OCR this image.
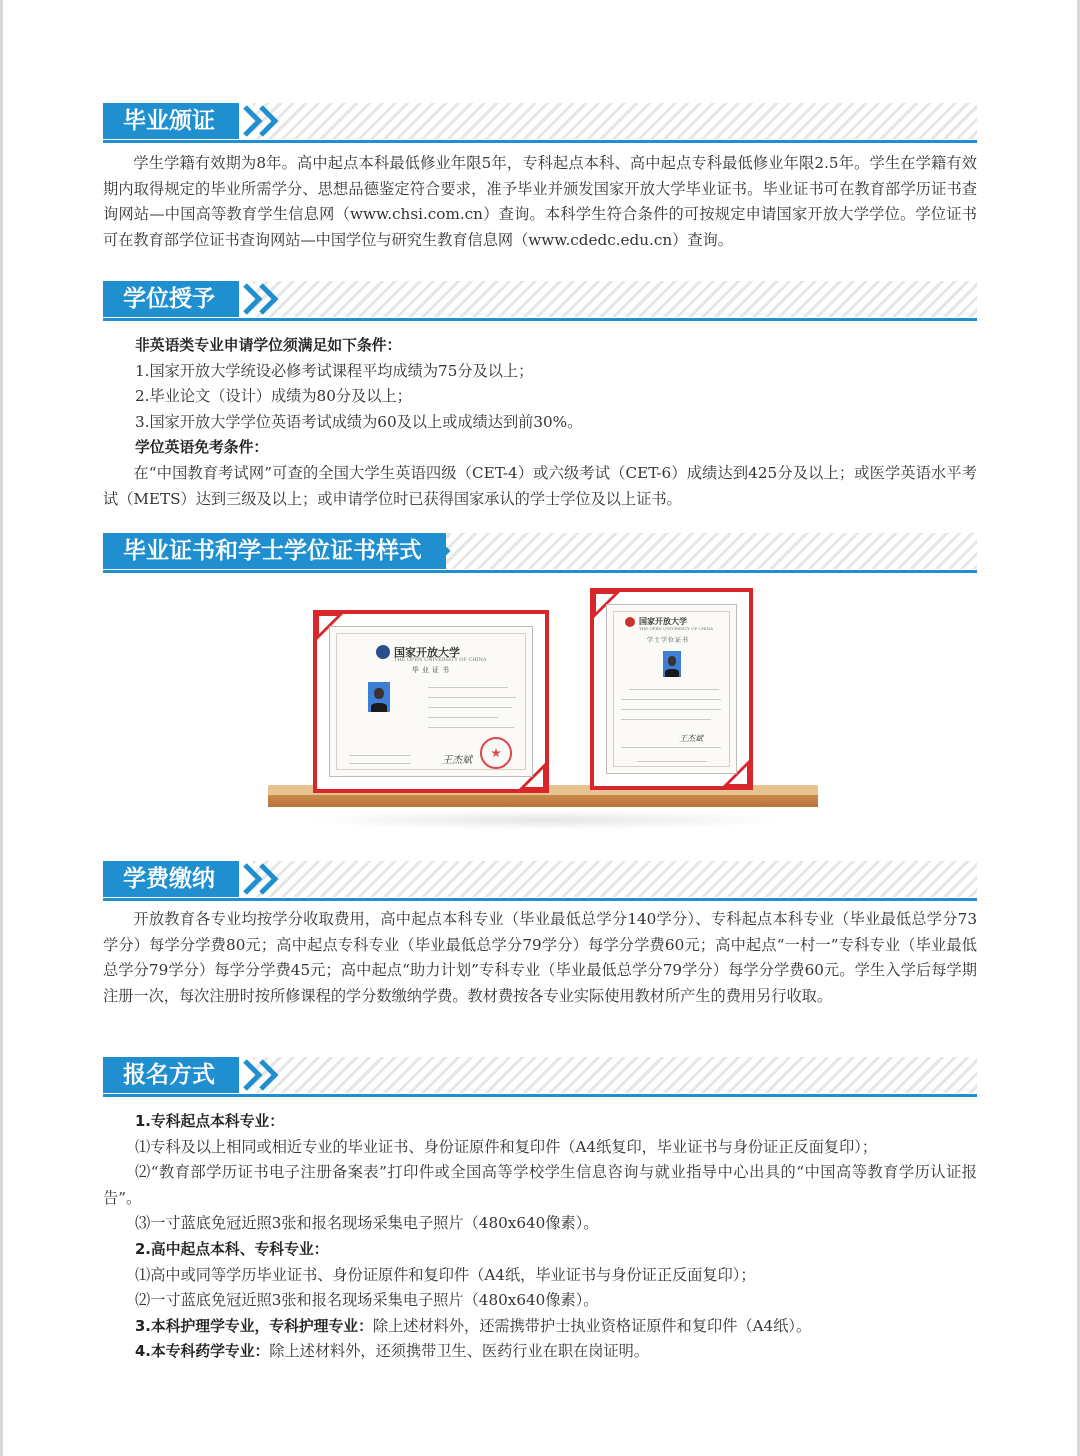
毕业颁证

学生学籍有效期为8年。高中起点本科最低修业年限5年，专科起点本科、高中起点专科最低修业年限2.5年。学生在学籍有效期内取得规定的毕业所需学分、思想品德鉴定符合要求，准予毕业并颁发国家开放大学毕业证书。毕业证书可在教育部学历证书查询网站—中国高等教育学生信息网（www.chsi.com.cn）查询。本科学生符合条件的可按规定申请国家开放大学学位。学位证书可在教育部学位证书查询网站—中国学位与研究生教育信息网（www.cdedc.edu.cn）查询。

学位授予

非英语类专业申请学位须满足如下条件：

1.国家开放大学统设必修考试课程平均成绩为75分及以上；

2.毕业论文（设计）成绩为80分及以上；

3.国家开放大学学位英语考试成绩为60及以上或成绩达到前30%。

学位英语免考条件：

在“中国教育考试网”可查的全国大学生英语四级（CET-4）或六级考试（CET-6）成绩达到425分及以上；或医学英语水平考试（METS）达到三级及以上；或申请学位时已获得国家承认的学士学位及以上证书。

毕业证书和学士学位证书样式
国家开放大学
THE OPEN UNIVERSITY OF CHINA
毕业证书
王杰斌
国家开放大学
THE OPEN UNIVERSITY OF CHINA
学士学位证书
王杰斌
学费缴纳

开放教育各专业均按学分收取费用，高中起点本科专业（毕业最低总学分140学分）、专科起点本科专业（毕业最低总学分73学分）每学分学费80元；高中起点专科专业（毕业最低总学分79学分）每学分学费60元；高中起点“一村一”专科专业（毕业最低总学分79学分）每学分学费45元；高中起点“助力计划”专科专业（毕业最低总学分79学分）每学分学费60元。学生入学后每学期注册一次，每次注册时按所修课程的学分数缴纳学费。教材费按各专业实际使用教材所产生的费用另行收取。

报名方式

1.专科起点本科专业：

⑴专科及以上相同或相近专业的毕业证书、身份证原件和复印件（A4纸复印，毕业证书与身份证正反面复印）；

⑵“教育部学历证书电子注册备案表”打印件或全国高等学校学生信息咨询与就业指导中心出具的“中国高等教育学历认证报告”。

⑶一寸蓝底免冠近照3张和报名现场采集电子照片（480x640像素）。

2.高中起点本科、专科专业：

⑴高中或同等学历毕业证书、身份证原件和复印件（A4纸，毕业证书与身份证正反面复印）；

⑵一寸蓝底免冠近照3张和报名现场采集电子照片（480x640像素）。

3.本科护理学专业，专科护理专业：除上述材料外，还需携带护士执业资格证原件和复印件（A4纸）。

4.本专科药学专业：除上述材料外，还须携带卫生、医药行业在职在岗证明。
